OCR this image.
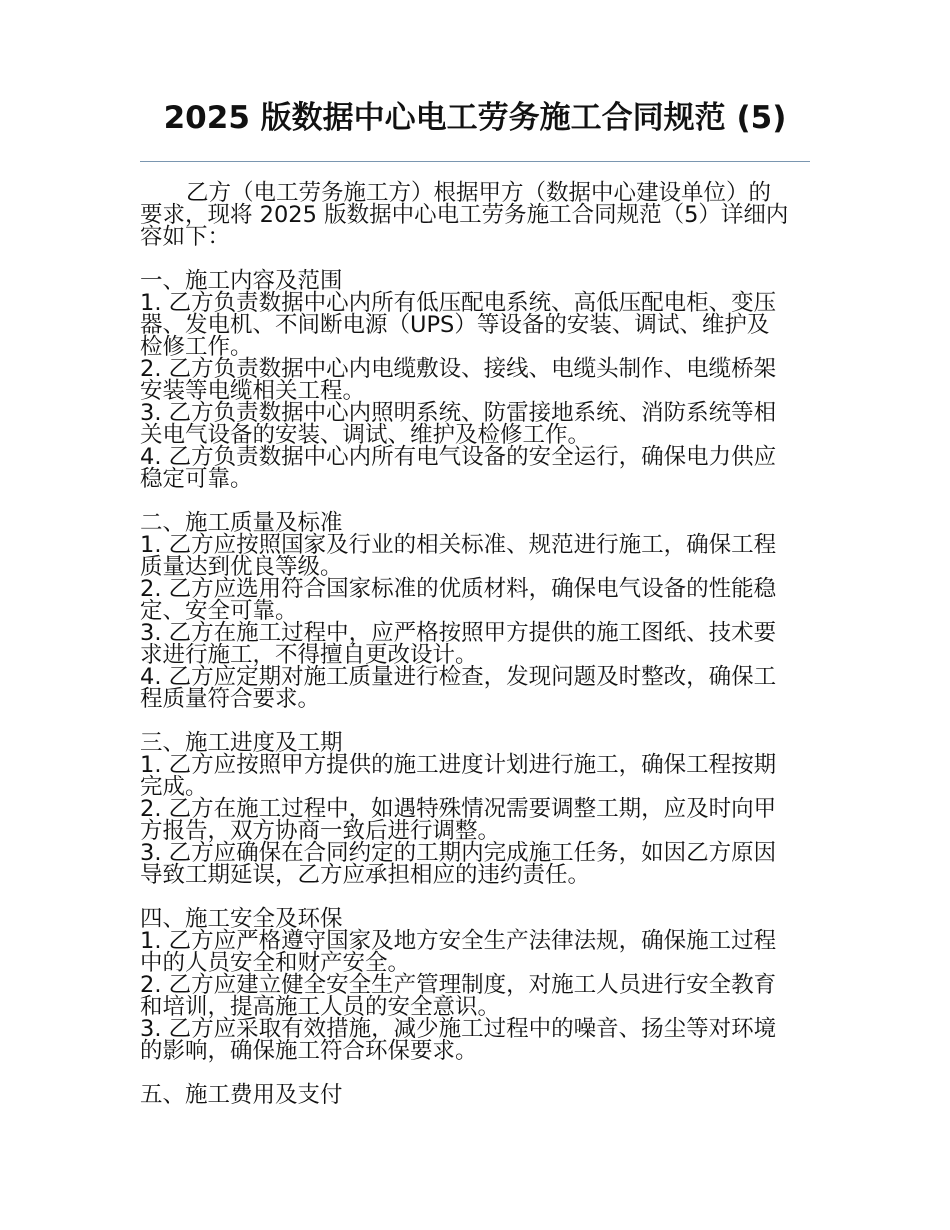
2025 版数据中心电工劳务施工合同规范 (5)

乙方（电工劳务施工方）根据甲方（数据中心建设单位）的要求，现将 2025 版数据中心电工劳务施工合同规范（5）详细内容如下：

一、施工内容及范围

1. 乙方负责数据中心内所有低压配电系统、高低压配电柜、变压器、发电机、不间断电源（UPS）等设备的安装、调试、维护及检修工作。

2. 乙方负责数据中心内电缆敷设、接线、电缆头制作、电缆桥架安装等电缆相关工程。

3. 乙方负责数据中心内照明系统、防雷接地系统、消防系统等相关电气设备的安装、调试、维护及检修工作。

4. 乙方负责数据中心内所有电气设备的安全运行，确保电力供应稳定可靠。

二、施工质量及标准

1. 乙方应按照国家及行业的相关标准、规范进行施工，确保工程质量达到优良等级。

2. 乙方应选用符合国家标准的优质材料，确保电气设备的性能稳定、安全可靠。

3. 乙方在施工过程中，应严格按照甲方提供的施工图纸、技术要求进行施工，不得擅自更改设计。

4. 乙方应定期对施工质量进行检查，发现问题及时整改，确保工程质量符合要求。

三、施工进度及工期

1. 乙方应按照甲方提供的施工进度计划进行施工，确保工程按期完成。

2. 乙方在施工过程中，如遇特殊情况需要调整工期，应及时向甲方报告，双方协商一致后进行调整。

3. 乙方应确保在合同约定的工期内完成施工任务，如因乙方原因导致工期延误，乙方应承担相应的违约责任。

四、施工安全及环保

1. 乙方应严格遵守国家及地方安全生产法律法规，确保施工过程中的人员安全和财产安全。

2. 乙方应建立健全安全生产管理制度，对施工人员进行安全教育和培训，提高施工人员的安全意识。

3. 乙方应采取有效措施，减少施工过程中的噪音、扬尘等对环境的影响，确保施工符合环保要求。

五、施工费用及支付
